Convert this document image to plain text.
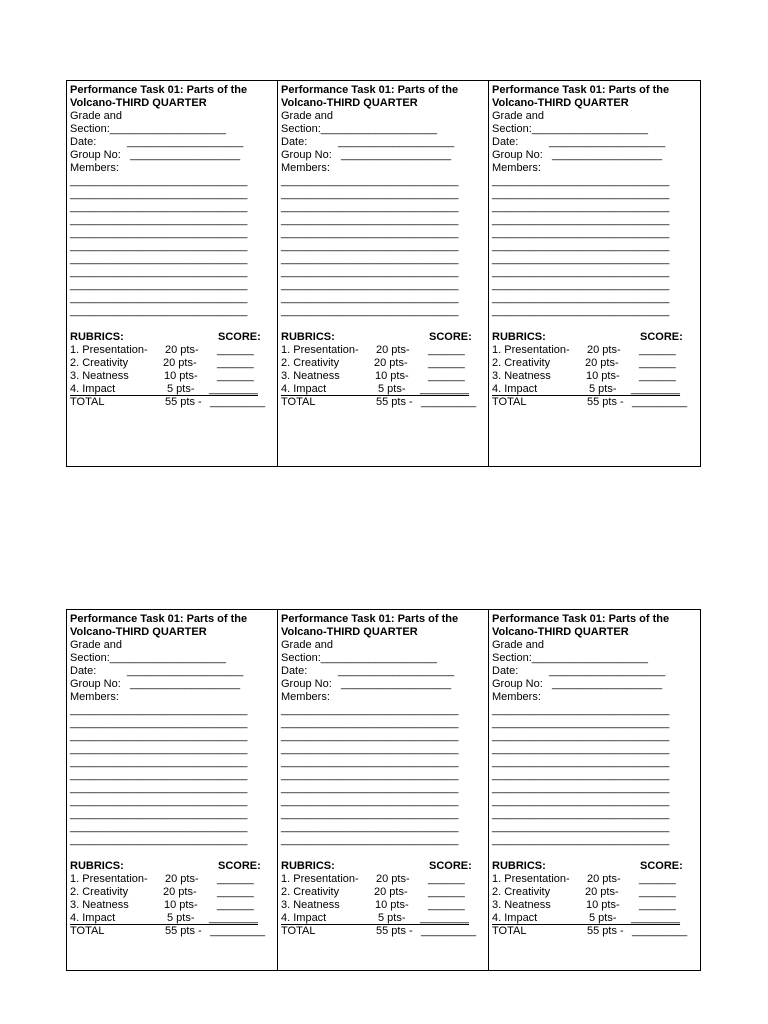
Performance Task 01: Parts of the
Volcano-THIRD QUARTER
Grade and
Section:___________________
Date:	___________________
Group No: __________________
Members:
_____________________________
_____________________________
_____________________________
_____________________________
_____________________________
_____________________________
_____________________________
_____________________________
_____________________________
_____________________________
_____________________________
RUBRICS:	SCORE:
1. Presentation- 20 pts- ______
2. Creativity	20 pts- ______
3. Neatness	10 pts- ______
4. Impact	5 pts- ________
TOTAL	55 pts - _________
Performance Task 01: Parts of the
Volcano-THIRD QUARTER
Grade and
Section:___________________
Date:	___________________
Group No: __________________
Members:
_____________________________
_____________________________
_____________________________
_____________________________
_____________________________
_____________________________
_____________________________
_____________________________
_____________________________
_____________________________
_____________________________
RUBRICS:	SCORE:
1. Presentation- 20 pts- ______
2. Creativity	20 pts- ______
3. Neatness	10 pts- ______
4. Impact	5 pts- ________
TOTAL	55 pts - _________
Performance Task 01: Parts of the
Volcano-THIRD QUARTER
Grade and
Section:___________________
Date:	___________________
Group No: __________________
Members:
_____________________________
_____________________________
_____________________________
_____________________________
_____________________________
_____________________________
_____________________________
_____________________________
_____________________________
_____________________________
_____________________________
RUBRICS:	SCORE:
1. Presentation- 20 pts- ______
2. Creativity	20 pts- ______
3. Neatness	10 pts- ______
4. Impact	5 pts- ________
TOTAL	55 pts - _________
Performance Task 01: Parts of the
Volcano-THIRD QUARTER
Grade and
Section:___________________
Date:	___________________
Group No: __________________
Members:
_____________________________
_____________________________
_____________________________
_____________________________
_____________________________
_____________________________
_____________________________
_____________________________
_____________________________
_____________________________
_____________________________
RUBRICS:	SCORE:
1. Presentation- 20 pts- ______
2. Creativity	20 pts- ______
3. Neatness	10 pts- ______
4. Impact	5 pts- ________
TOTAL	55 pts - _________
Performance Task 01: Parts of the
Volcano-THIRD QUARTER
Grade and
Section:___________________
Date:	___________________
Group No: __________________
Members:
_____________________________
_____________________________
_____________________________
_____________________________
_____________________________
_____________________________
_____________________________
_____________________________
_____________________________
_____________________________
_____________________________
RUBRICS:	SCORE:
1. Presentation- 20 pts- ______
2. Creativity	20 pts- ______
3. Neatness	10 pts- ______
4. Impact	5 pts- ________
TOTAL	55 pts - _________
Performance Task 01: Parts of the
Volcano-THIRD QUARTER
Grade and
Section:___________________
Date:	___________________
Group No: __________________
Members:
_____________________________
_____________________________
_____________________________
_____________________________
_____________________________
_____________________________
_____________________________
_____________________________
_____________________________
_____________________________
_____________________________
RUBRICS:	SCORE:
1. Presentation- 20 pts- ______
2. Creativity	20 pts- ______
3. Neatness	10 pts- ______
4. Impact	5 pts- ________
TOTAL	55 pts - _________
